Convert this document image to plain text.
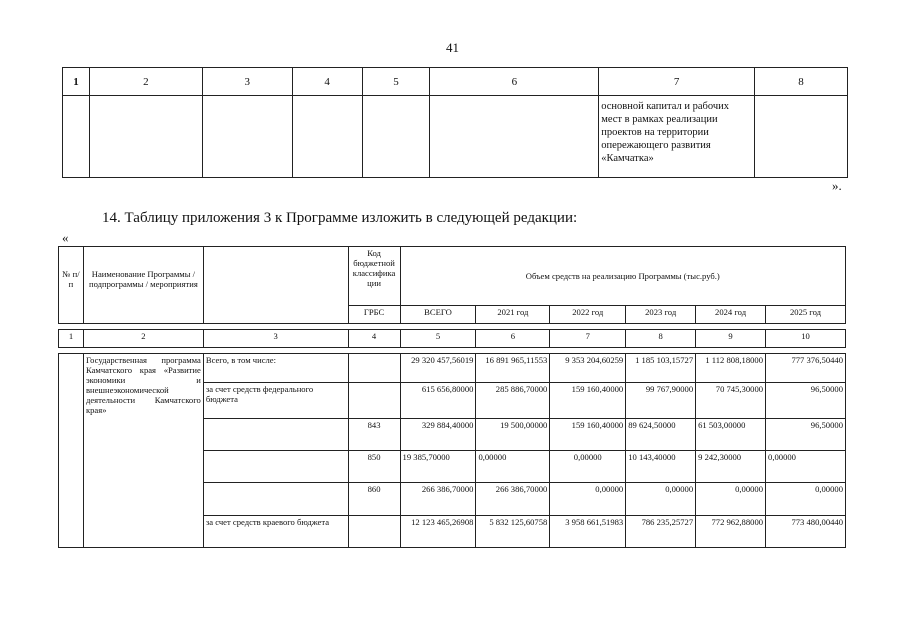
41
1	2	3	4	5	6	7	8

						основной капитал и рабочих
мест в рамках реализации
проектов на территории
опережающего развития
«Камчатка»	

».
14. Таблицу приложения 3 к Программе изложить в следующей редакции:
«
№ п/п	Наименование Программы / подпрограммы / мероприятия		Код бюджетной классифика ции	Объем средств на реализацию Программы (тыс.руб.)					
			ГРБС	ВСЕГО	2021 год	2022 год	2023 год	2024 год	2025 год

1	2	3	4	5	6	7	8	9	10

	Государственная программа Камчатского края «Развитие экономики и внешнеэкономической деятельности Камчатского края»	Всего, в том числе:		29 320 457,56019	16 891 965,11553	9 353 204,60259	1 185 103,15727	1 112 808,18000	777 376,50440
		за счет средств федерального бюджета		615 656,80000	285 886,70000	159 160,40000	99 767,90000	70 745,30000	96,50000
			843	329 884,40000	19 500,00000	159 160,40000	89 624,50000	61 503,00000	96,50000
			850	19 385,70000	0,00000	0,00000	10 143,40000	9 242,30000	0,00000
			860	266 386,70000	266 386,70000	0,00000	0,00000	0,00000	0,00000
		за счет средств краевого бюджета		12 123 465,26908	5 832 125,60758	3 958 661,51983	786 235,25727	772 962,88000	773 480,00440
